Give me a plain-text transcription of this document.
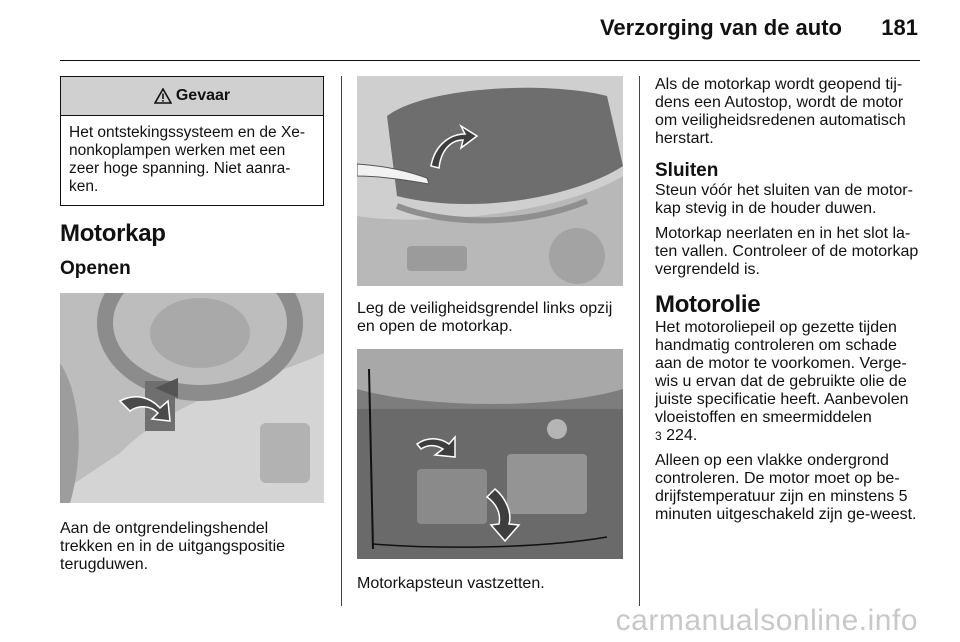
Verzorging van de auto 181
Gevaar
Het ontstekingssysteem en de Xe-nonkoplampen werken met een zeer hoge spanning. Niet aanra-ken.
Motorkap
Openen

Aan de ontgrendelingshendel trekken en in de uitgangspositie terugduwen.

Leg de veiligheidsgrendel links opzij en open de motorkap.

Motorkapsteun vastzetten.

Als de motorkap wordt geopend tij-dens een Autostop, wordt de motor om veiligheidsredenen automatisch herstart.

Sluiten

Steun vóór het sluiten van de motor-kap stevig in de houder duwen.

Motorkap neerlaten en in het slot la-ten vallen. Controleer of de motorkap vergrendeld is.

Motorolie

Het motoroliepeil op gezette tijden handmatig controleren om schade aan de motor te voorkomen. Verge-wis u ervan dat de gebruikte olie de juiste specificatie heeft. Aanbevolen vloeistoffen en smeermiddelen
3 224.

Alleen op een vlakke ondergrond controleren. De motor moet op be-drijfstemperatuur zijn en minstens 5 minuten uitgeschakeld zijn ge-weest.

carmanualsonline.info
